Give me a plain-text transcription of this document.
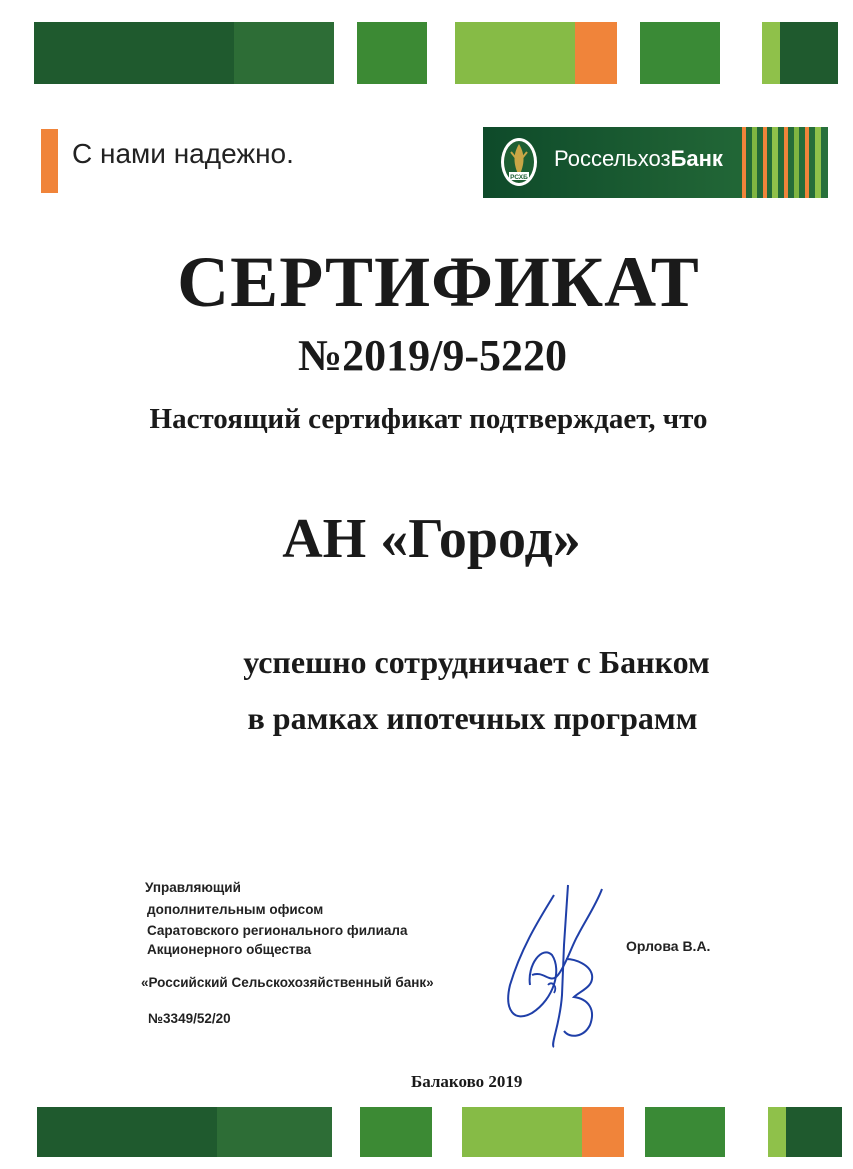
С нами надежно.
РСХБ
РоссельхозБанк
СЕРТИФИКАТ
№2019/9-5220
Настоящий сертификат подтверждает, что
АН «Город»
успешно сотрудничает с Банком
в рамках ипотечных программ
Управляющий
дополнительным офисом
Саратовского регионального филиала
Акционерного общества
«Российский Сельскохозяйственный банк»
№3349/52/20
Орлова В.А.
Балаково 2019
